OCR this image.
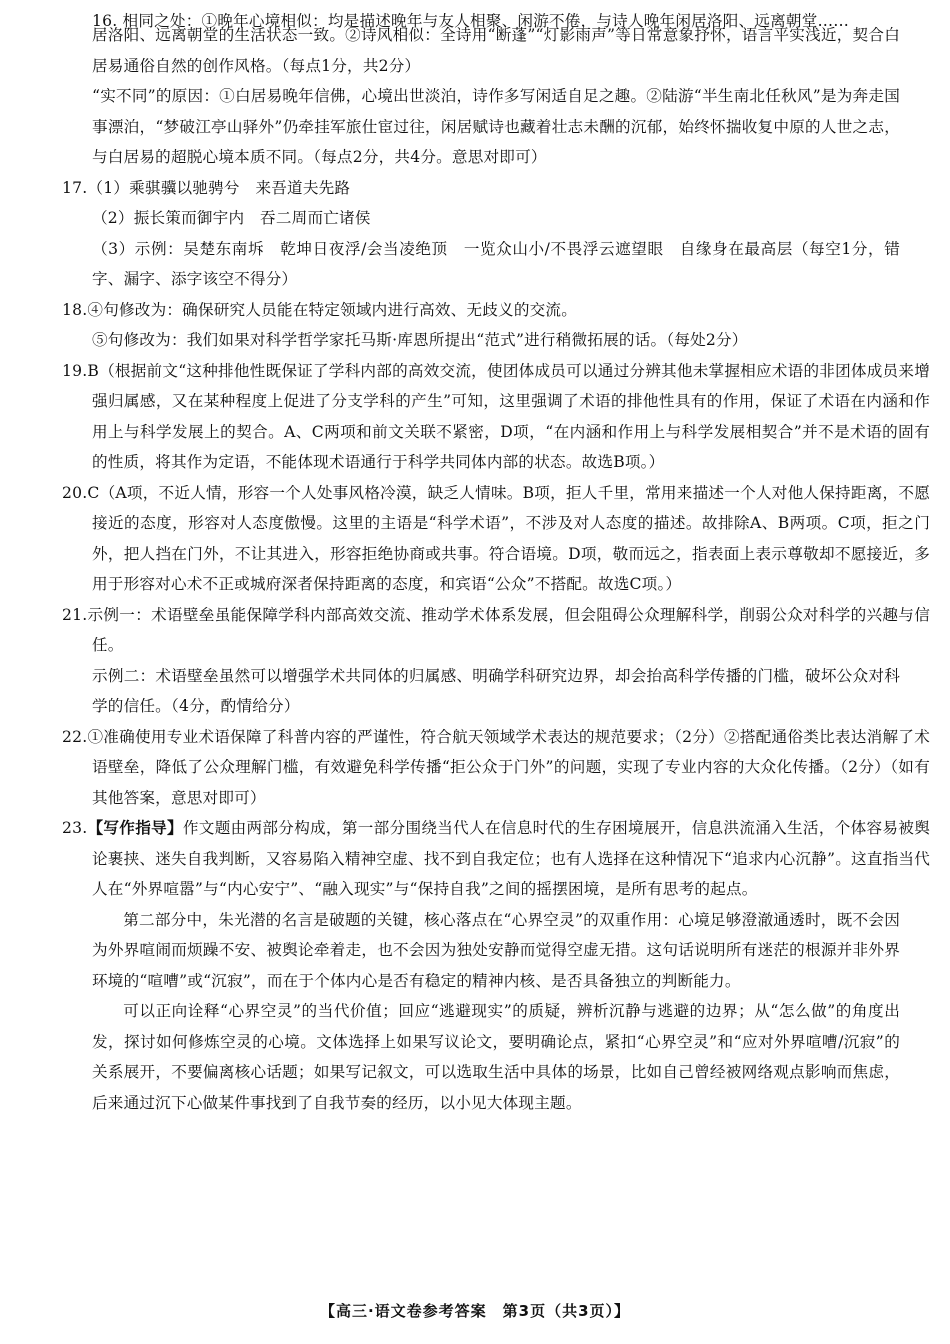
16. 相同之处：①晚年心境相似：均是描述晚年与友人相聚、闲游不倦，与诗人晚年闲居洛阳、远离朝堂……

居洛阳、远离朝堂的生活状态一致。②诗风相似：全诗用“断蓬”“灯影雨声”等日常意象抒怀，语言平实浅近，契合白居易通俗自然的创作风格。（每点1分，共2分）

“实不同”的原因：①白居易晚年信佛，心境出世淡泊，诗作多写闲适自足之趣。②陆游“半生南北任秋风”是为奔走国事漂泊，“梦破江亭山驿外”仍牵挂军旅仕宦过往，闲居赋诗也藏着壮志未酬的沉郁，始终怀揣收复中原的人世之志，与白居易的超脱心境本质不同。（每点2分，共4分。意思对即可）

17.（1）乘骐骥以驰骋兮　来吾道夫先路

（2）振长策而御宇内　吞二周而亡诸侯

（3）示例：吴楚东南坼　乾坤日夜浮/会当凌绝顶　一览众山小/不畏浮云遮望眼　自缘身在最高层（每空1分，错字、漏字、添字该空不得分）

18.④句修改为：确保研究人员能在特定领域内进行高效、无歧义的交流。

⑤句修改为：我们如果对科学哲学家托马斯·库恩所提出“范式”进行稍微拓展的话。（每处2分）

19.B（根据前文“这种排他性既保证了学科内部的高效交流，使团体成员可以通过分辨其他未掌握相应术语的非团体成员来增强归属感，又在某种程度上促进了分支学科的产生”可知，这里强调了术语的排他性具有的作用，保证了术语在内涵和作用上与科学发展上的契合。A、C两项和前文关联不紧密，D项，“在内涵和作用上与科学发展相契合”并不是术语的固有的性质，将其作为定语，不能体现术语通行于科学共同体内部的状态。故选B项。）

20.C（A项，不近人情，形容一个人处事风格冷漠，缺乏人情味。B项，拒人千里，常用来描述一个人对他人保持距离，不愿接近的态度，形容对人态度傲慢。这里的主语是“科学术语”，不涉及对人态度的描述。故排除A、B两项。C项，拒之门外，把人挡在门外，不让其进入，形容拒绝协商或共事。符合语境。D项，敬而远之，指表面上表示尊敬却不愿接近，多用于形容对心术不正或城府深者保持距离的态度，和宾语“公众”不搭配。故选C项。）

21.示例一：术语壁垒虽能保障学科内部高效交流、推动学术体系发展，但会阻碍公众理解科学，削弱公众对科学的兴趣与信任。

示例二：术语壁垒虽然可以增强学术共同体的归属感、明确学科研究边界，却会抬高科学传播的门槛，破坏公众对科学的信任。（4分，酌情给分）

22.①准确使用专业术语保障了科普内容的严谨性，符合航天领域学术表达的规范要求；（2分）②搭配通俗类比表达消解了术语壁垒，降低了公众理解门槛，有效避免科学传播“拒公众于门外”的问题，实现了专业内容的大众化传播。（2分）（如有其他答案，意思对即可）

23.【写作指导】作文题由两部分构成，第一部分围绕当代人在信息时代的生存困境展开，信息洪流涌入生活，个体容易被舆论裹挟、迷失自我判断，又容易陷入精神空虚、找不到自我定位；也有人选择在这种情况下“追求内心沉静”。这直指当代人在“外界喧嚣”与“内心安宁”、“融入现实”与“保持自我”之间的摇摆困境，是所有思考的起点。

第二部分中，朱光潜的名言是破题的关键，核心落点在“心界空灵”的双重作用：心境足够澄澈通透时，既不会因为外界喧闹而烦躁不安、被舆论牵着走，也不会因为独处安静而觉得空虚无措。这句话说明所有迷茫的根源并非外界环境的“喧嘈”或“沉寂”，而在于个体内心是否有稳定的精神内核、是否具备独立的判断能力。

可以正向诠释“心界空灵”的当代价值；回应“逃避现实”的质疑，辨析沉静与逃避的边界；从“怎么做”的角度出发，探讨如何修炼空灵的心境。文体选择上如果写议论文，要明确论点，紧扣“心界空灵”和“应对外界喧嘈/沉寂”的关系展开，不要偏离核心话题；如果写记叙文，可以选取生活中具体的场景，比如自己曾经被网络观点影响而焦虑，后来通过沉下心做某件事找到了自我节奏的经历，以小见大体现主题。

【高三·语文卷参考答案　第3页（共3页）】
